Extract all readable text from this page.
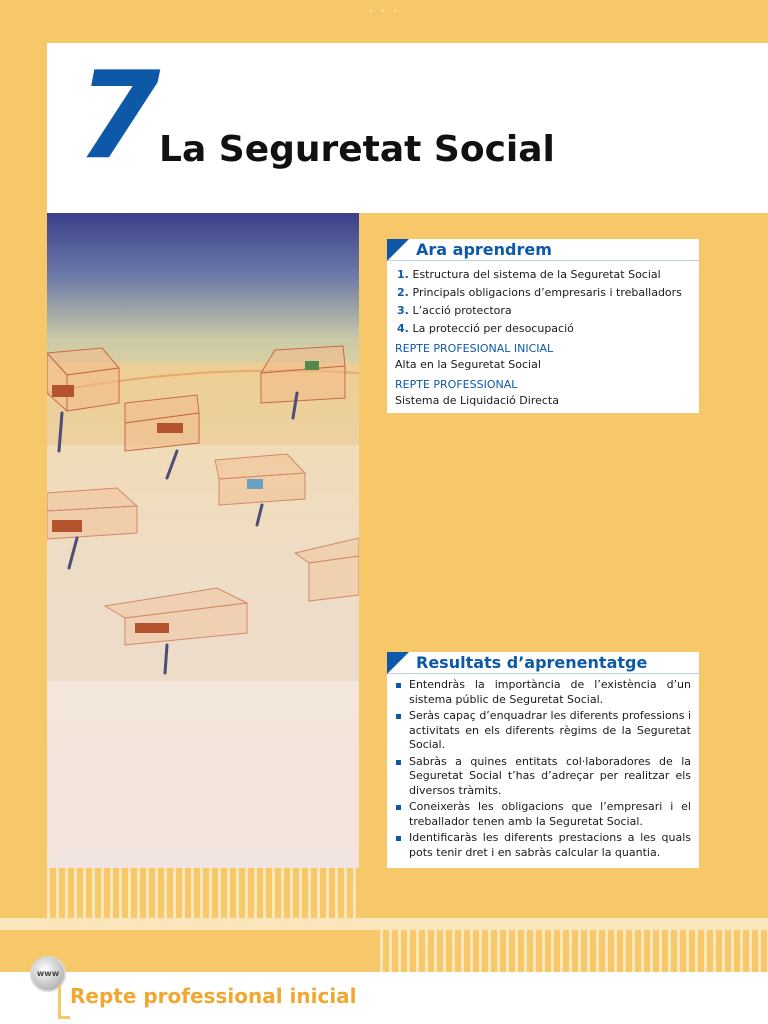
• • •
7
La Seguretat Social
Ara aprendrem
1. Estructura del sistema de la Seguretat Social
2. Principals obligacions d’empresaris i treballadors
3. L’acció protectora
4. La protecció per desocupació
REPTE PROFESIONAL INICIAL
Alta en la Seguretat Social
REPTE PROFESSIONAL
Sistema de Liquidació Directa
Resultats d’aprenentatge
Entendràs la importància de l’existència d’un sistema públic de Seguretat Social.
Seràs capaç d’enquadrar les diferents professions i activitats en els diferents règims de la Seguretat Social.
Sabràs a quines entitats col·laboradores de la Seguretat Social t’has d’adreçar per realitzar els diversos tràmits.
Coneixeràs les obligacions que l’empresari i el treballador tenen amb la Seguretat Social.
Identificaràs les diferents prestacions a les quals pots tenir dret i en sabràs calcular la quantia.
www
Repte professional inicial
